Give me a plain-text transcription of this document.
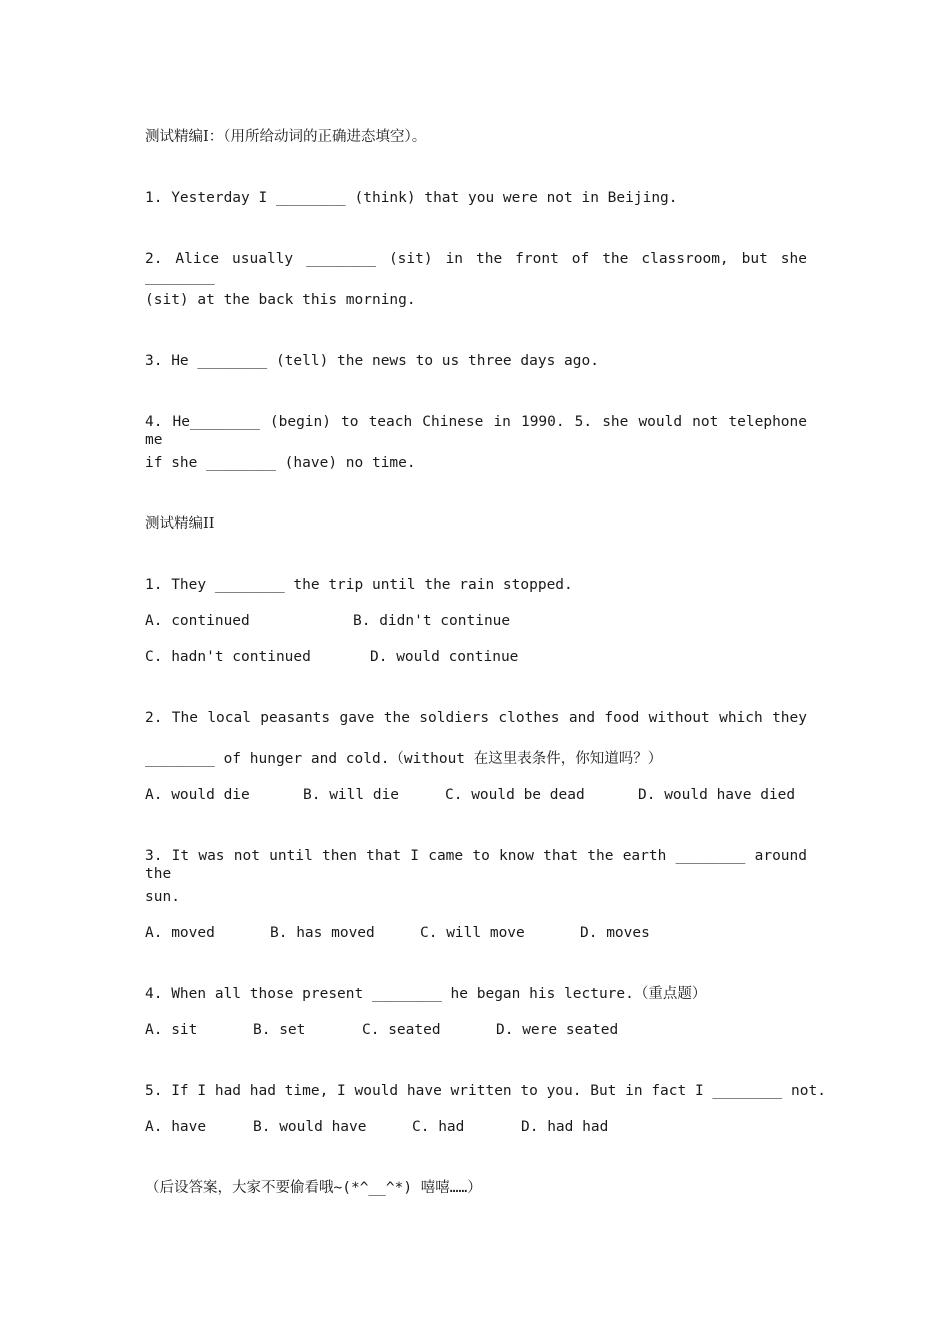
测试精编I：（用所给动词的正确进态填空）。
1. Yesterday I ________ (think) that you were not in Beijing.
2. Alice usually ________ (sit) in the front of the classroom, but she ________
(sit) at the back this morning.
3. He ________ (tell) the news to us three days ago.
4. He________ (begin) to teach Chinese in 1990. 5. she would not telephone me
if she ________ (have) no time.
测试精编II
1. They ________ the trip until the rain stopped.
A. continued	B. didn't continue
C. hadn't continued	D. would continue
2. The local peasants gave the soldiers clothes and food without which they
________ of hunger and cold.（without 在这里表条件，你知道吗？）
A. would die	B. will die	C. would be dead	D. would have died
3. It was not until then that I came to know that the earth ________ around the
sun.
A. moved	B. has moved	C. will move	D. moves
4. When all those present ________ he began his lecture.（重点题）
A. sit	B. set	C. seated	D. were seated
5. If I had had time, I would have written to you. But in fact I ________ not.
A. have	B. would have	C. had	D. had had
（后设答案，大家不要偷看哦~(*^__^*) 嘻嘻……）
